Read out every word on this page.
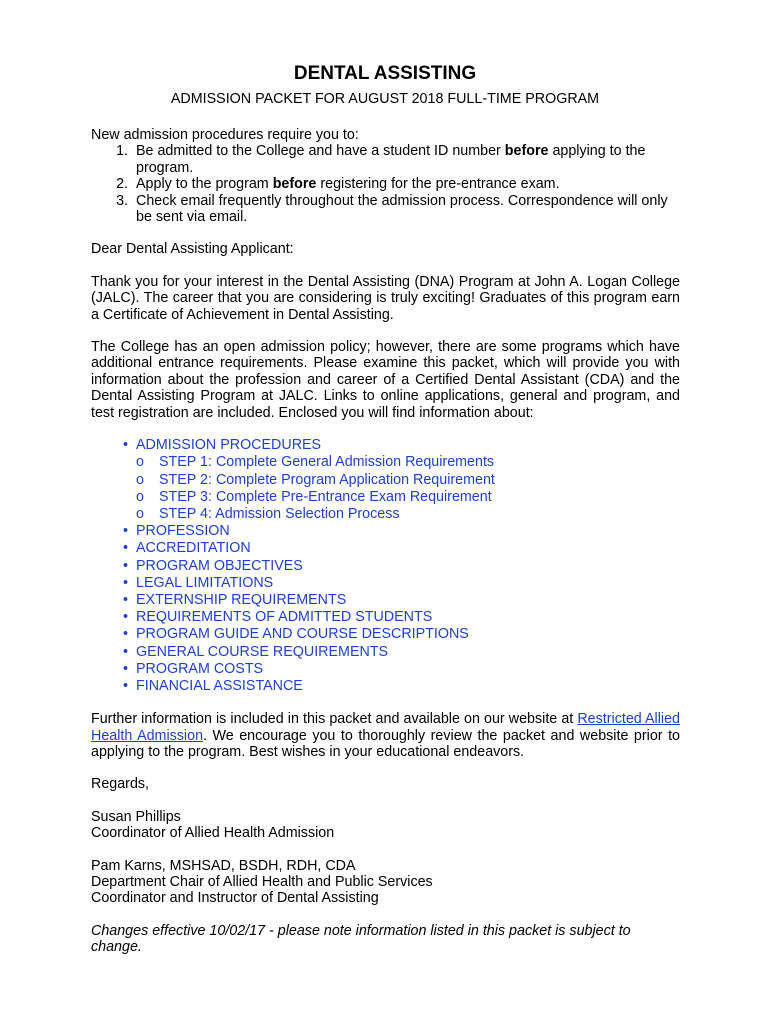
DENTAL ASSISTING
ADMISSION PACKET FOR AUGUST 2018 FULL-TIME PROGRAM

New admission procedures require you to:

1. Be admitted to the College and have a student ID number before applying to the program.
2. Apply to the program before registering for the pre-entrance exam.
3. Check email frequently throughout the admission process. Correspondence will only be sent via email.

Dear Dental Assisting Applicant:

Thank you for your interest in the Dental Assisting (DNA) Program at John A. Logan College (JALC). The career that you are considering is truly exciting! Graduates of this program earn a Certificate of Achievement in Dental Assisting.

The College has an open admission policy; however, there are some programs which have additional entrance requirements. Please examine this packet, which will provide you with information about the profession and career of a Certified Dental Assistant (CDA) and the Dental Assisting Program at JALC. Links to online applications, general and program, and test registration are included. Enclosed you will find information about:

• ADMISSION PROCEDURES
o	STEP 1: Complete General Admission Requirements
o	STEP 2: Complete Program Application Requirement
o	STEP 3: Complete Pre-Entrance Exam Requirement
o	STEP 4: Admission Selection Process
• PROFESSION
• ACCREDITATION
• PROGRAM OBJECTIVES
• LEGAL LIMITATIONS
• EXTERNSHIP REQUIREMENTS
• REQUIREMENTS OF ADMITTED STUDENTS
• PROGRAM GUIDE AND COURSE DESCRIPTIONS
• GENERAL COURSE REQUIREMENTS
• PROGRAM COSTS
• FINANCIAL ASSISTANCE

Further information is included in this packet and available on our website at Restricted Allied Health Admission. We encourage you to thoroughly review the packet and website prior to applying to the program. Best wishes in your educational endeavors.

Regards,

Susan Phillips

Coordinator of Allied Health Admission

Pam Karns, MSHSAD, BSDH, RDH, CDA

Department Chair of Allied Health and Public Services

Coordinator and Instructor of Dental Assisting

Changes effective 10/02/17 - please note information listed in this packet is subject to change.
